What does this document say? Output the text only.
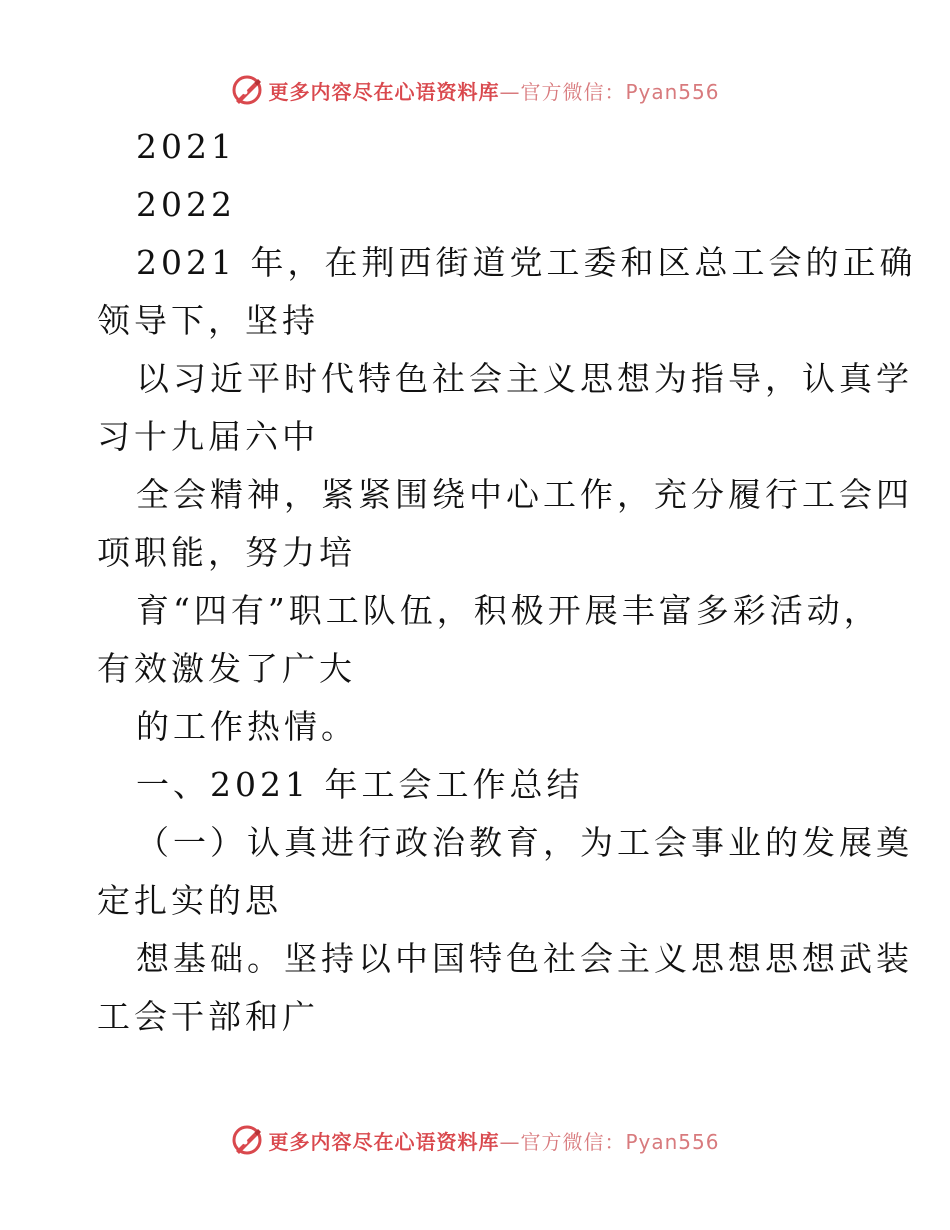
更多内容尽在心语资料库 —官方微信：Pyan556
2021
2022
2021 年，在荆西街道党工委和区总工会的正确
领导下，坚持
以习近平时代特色社会主义思想为指导，认真学
习十九届六中
全会精神，紧紧围绕中心工作，充分履行工会四
项职能，努力培
育“四有”职工队伍，积极开展丰富多彩活动，
有效激发了广大
的工作热情。
一、2021 年工会工作总结
（一）认真进行政治教育，为工会事业的发展奠
定扎实的思
想基础。坚持以中国特色社会主义思想思想武装
工会干部和广
更多内容尽在心语资料库 —官方微信：Pyan556
